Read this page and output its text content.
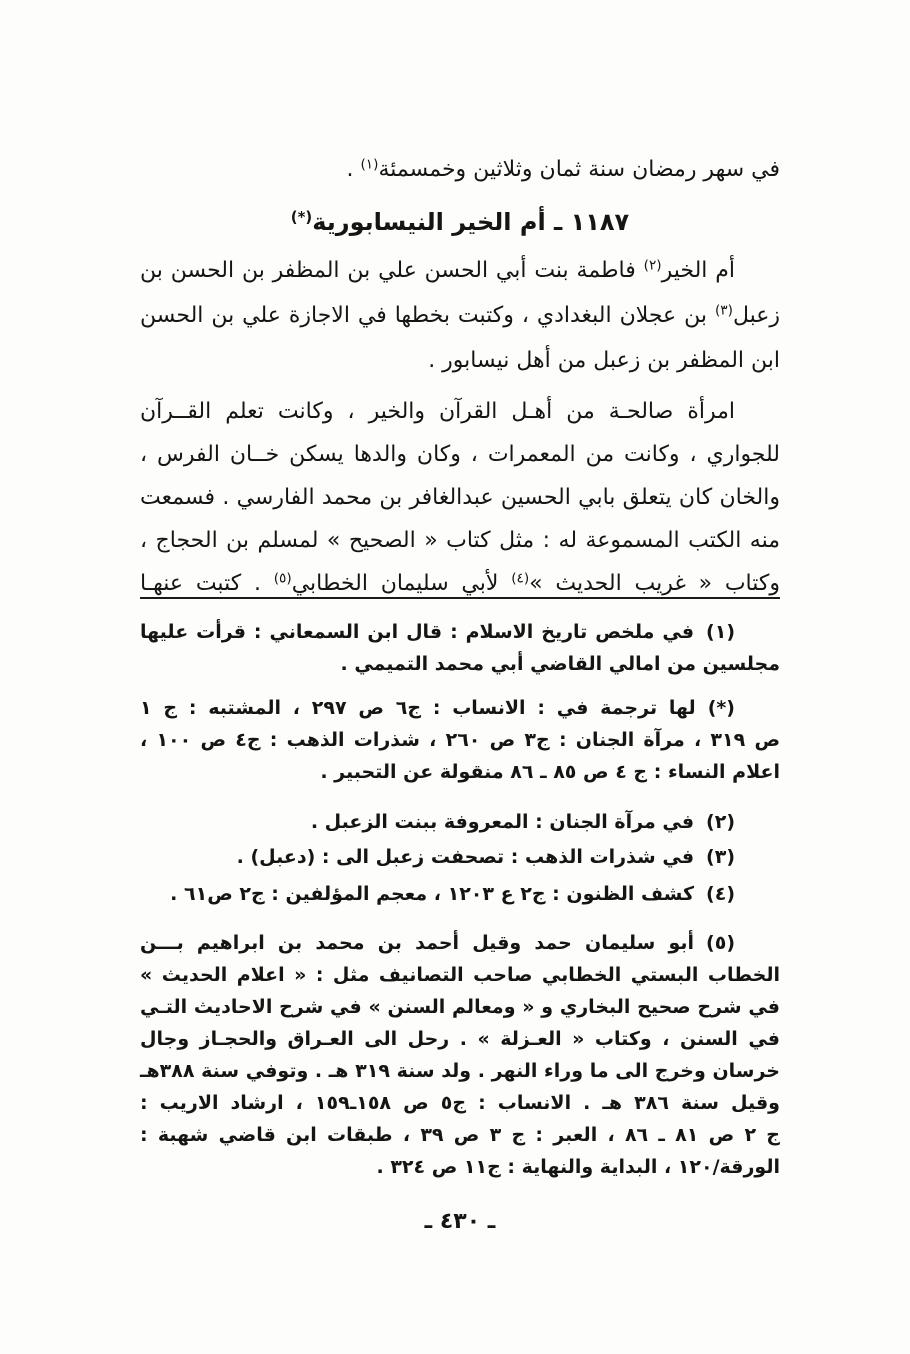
في سهر رمضان سنة ثمان وثلاثين وخمسمئة$^{(١)}$ .
١١٨٧ ـ أم الخير النيسابورية(*)
أم الخير$^{(٢)}$ فاطمة بنت أبي الحسن علي بن المظفر بن الحسن بن
زعبل$^{(٣)}$ بن عجلان البغدادي ، وكتبت بخطها في الاجازة علي بن الحسن
ابن المظفر بن زعبل من أهل نيسابور .
امرأة صالحـة من أهـل القرآن والخير ، وكانت تعلم القــرآن
للجواري ، وكانت من المعمرات ، وكان والدها يسكن خــان الفرس ،
والخان كان يتعلق بابي الحسين عبدالغافر بن محمد الفارسي . فسمعت
منه الكتب المسموعة له : مثل كتاب « الصحيح » لمسلم بن الحجاج ،
وكتاب « غريب الحديث »$^{(٤)}$ لأبي سليمان الخطابي$^{(٥)}$ . كتبت عنهـا
(١)في ملخص تاريخ الاسلام : قال ابن السمعاني : قرأت عليها
مجلسين من امالي القاضي أبي محمد التميمي .
(*)لها ترجمة في : الانساب : ج٦ ص ٢٩٧ ، المشتبه : ج ١
ص ٣١٩ ، مرآة الجنان : ج٣ ص ٢٦٠ ، شذرات الذهب : ج٤ ص ١٠٠ ،
اعلام النساء : ج ٤ ص ٨٥ ـ ٨٦ منقولة عن التحبير .
(٢)في مرآة الجنان : المعروفة ببنت الزعبل .
(٣)في شذرات الذهب : تصحفت زعبل الى : (دعبل) .
(٤)كشف الظنون : ج٢ ع ١٢٠٣ ، معجم المؤلفين : ج٢ ص٦١ .
(٥)أبو سليمان حمد وقيل أحمد بن محمد بن ابراهيم بـــن
الخطاب البستي الخطابي صاحب التصانيف مثل : « اعلام الحديث »
في شرح صحيح البخاري و « ومعالم السنن » في شرح الاحاديث التـي
في السنن ، وكتاب « العـزلة » . رحل الى العـراق والحجـاز وجال
خرسان وخرج الى ما وراء النهر . ولد سنة ٣١٩ هـ . وتوفي سنة ٣٨٨هـ
وقيل سنة ٣٨٦ هـ . الانساب : ج٥ ص ١٥٨ـ١٥٩ ، ارشاد الاريب :
ج ٢ ص ٨١ ـ ٨٦ ، العبر : ج ٣ ص ٣٩ ، طبقات ابن قاضي شهبة :
الورقة/١٢٠ ، البداية والنهاية : ج١١ ص ٣٢٤ .
ـ ٤٣٠ ـ
